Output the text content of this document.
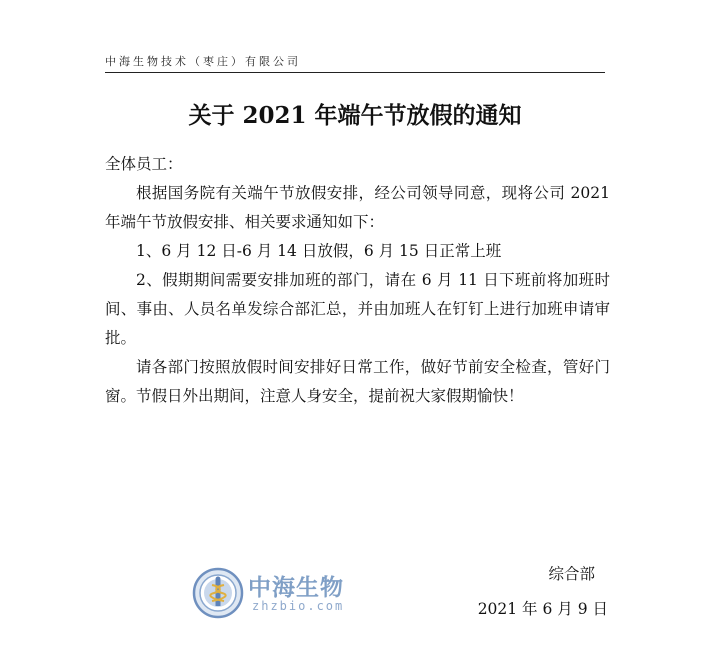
中海生物技术（枣庄）有限公司
关于 2021 年端午节放假的通知

全体员工：

根据国务院有关端午节放假安排，经公司领导同意，现将公司 2021 年端午节放假安排、相关要求通知如下：

1、6 月 12 日-6 月 14 日放假，6 月 15 日正常上班

2、假期期间需要安排加班的部门，请在 6 月 11 日下班前将加班时间、事由、人员名单发综合部汇总，并由加班人在钉钉上进行加班申请审批。

请各部门按照放假时间安排好日常工作，做好节前安全检查，管好门窗。节假日外出期间，注意人身安全，提前祝大家假期愉快！

中海生物
zhzbio.com
综合部
2021 年 6 月 9 日
